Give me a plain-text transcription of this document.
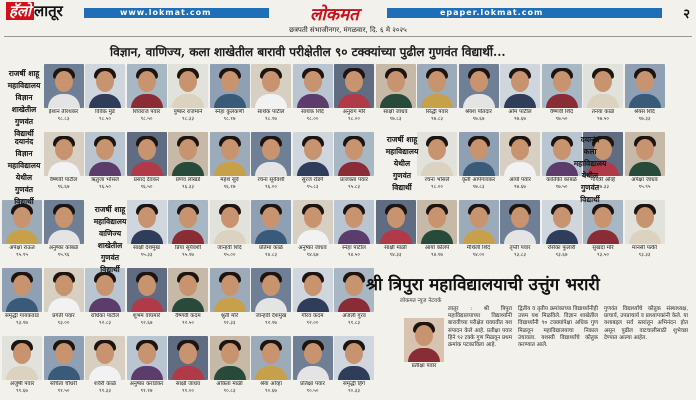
हॅलो लातूर	www.lokmat.com	लोकमत	epaper.lokmat.com	२
छत्रपती संभाजीनगर, मंगळवार, दि. ६ मे २०२५
विज्ञान, वाणिज्य, कला शाखेतील बारावी परीक्षेतील ९० टक्क्यांच्या पुढील गुणवंत विद्यार्थी...
ईशान तीरथकर
९८.८३
विवेक मुंडे
९८.५०
शिवराज पवार
९८.५०
पुष्कर राजमाने
९८.३३
स्नेहा कुलकर्णी
९८.१७
सार्थक पाटील
९८.१७
सार्थक शिंदे
९८.००
अनुराग मोरे
९८.००
साक्षी जाधव
९७.८३
सिद्धी पवार
९७.८३
श्रेयश पोतदार
९७.६७
ओम पाटील
९७.६७
वैष्णवी शिंदे
९७.५०
तनया काळे
९७.५०
श्रेयस शिंदे
९७.३३
वैष्णवी पाटील
९६.६७
ऋतुजा भोसले
९६.५०
प्रसाद देवकर
९६.५०
प्रणव लोखंडे
९६.३३
महेश सुर्वे
९६.१७
रचना सूर्यवंशी
९६.००
सुरज रोडगे
९५.८३
प्राजक्ता पवार
९५.८३
रचना भोसले
९८.००
कृती आपेगावकर
९७.८३
आर्या पवार
९७.६७
कार्तिकी कांबळे
९७.५०
गायत्री ओव्हे
९७.३३
अपेक्षा जाधव
९५.९५
अपेक्षा राऊत
९५.९५
अनुष्का कांबळे
९५.९६
साक्षी देशमुख
९५.३३
प्रिया सूर्यवंशी
९५.१७
जान्हवी शिंदे
९५.००
प्रतिमा काळे
९४.८३
अनुष्का जाधव
९४.६७
स्नेहा पाटील
९४.५०
साक्षी माळी
९४.३३
आर्या कोलपे
९४.१७
मैथिली शिंदे
९४.००
तृप्ती पवार
९३.८३
रसिका फुलारी
९३.६७
सुखदा मोरे
९३.५०
मानसी पत्की
९३.३३
समृद्धी गायकवाड
९३.१७
प्रगती पवार
९३.००
राधिका पाटील
९२.८३
शुभम वाघमारे
९२.६७
वैष्णवी कदम
९२.५०
श्रुती मोरे
९२.३३
जान्हवी देशमुख
९२.१७
गौरव कदम
९२.००
अंजली गुरव
९१.८३
अंजुषी पवार
९१.६७
संचिता चौधरी
९१.५०
शर्वरी काळे
९१.३३
अनुष्का करांडेकर
९१.१७
साक्षी जाधव
९१.००
अंकिता माळी
९०.८३
श्रेया ओव्हा
९०.६७
प्रतिक्षा पवार
९०.५०
समृद्धी हिंगे
९०.३३
राजर्षी शाहू
महाविद्यालय
विज्ञान
शाखेतील
गुणवंत
विद्यार्थी
दयानंद
विज्ञान
महाविद्यालय
येथील
गुणवंत
विद्यार्थी
राजर्षी शाहू
महाविद्यालय
वाणिज्य
शाखेतील
गुणवंत
विद्यार्थी
राजर्षी शाहू
महाविद्यालय
येथील
गुणवंत
विद्यार्थी
दयानंद
कला
महाविद्यालय
येथील
गुणवंत
विद्यार्थी
श्री त्रिपुरा महाविद्यालयाची उत्तुंग भरारी
लोकमत न्यूज नेटवर्क
लातूर : श्री त्रिपुरा महाविद्यालयाच्या विद्यार्थ्यांनी बारावीच्या परीक्षेत घवघवीत यश संपादन केले आहे. प्रतीक्षा पवार हिने ९२ टक्के गुण मिळवून प्रथम क्रमांक पटकाविला आहे.
द्वितीय व तृतीय क्रमांकाच्या विद्यार्थ्यांनीही उत्तम यश मिळविले. विज्ञान शाखेतील विद्यार्थ्यांनी ९० टक्क्यांपेक्षा अधिक गुण मिळवून महाविद्यालयाचा निकाल उंचावला. यशस्वी विद्यार्थ्यांचे कौतुक करण्यात आले.
गुणवंत विद्यार्थ्यांचे कौतुक संस्थाध्यक्ष, प्राचार्य, उपप्राचार्य व प्राध्यापकांनी केले. या यशाबद्दल सर्व स्तरांतून अभिनंदन होत असून पुढील वाटचालीसाठी शुभेच्छा देण्यात आल्या आहेत.
प्रतीक्षा पवार
